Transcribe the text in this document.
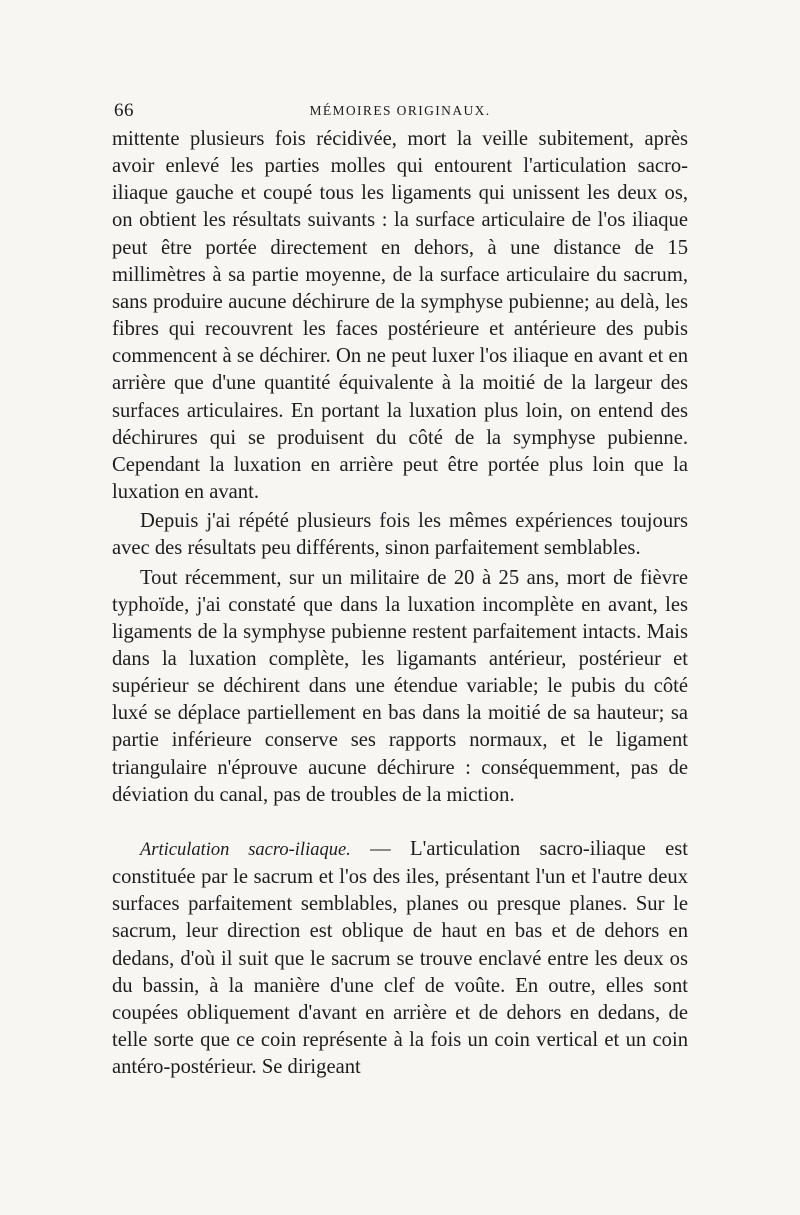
66	MÉMOIRES ORIGINAUX.

mittente plusieurs fois récidivée, mort la veille subitement, après avoir enlevé les parties molles qui entourent l'articulation sacro-iliaque gauche et coupé tous les ligaments qui unissent les deux os, on obtient les résultats suivants : la surface articulaire de l'os iliaque peut être portée directement en dehors, à une distance de 15 millimètres à sa partie moyenne, de la surface articulaire du sacrum, sans produire aucune déchirure de la symphyse pubienne; au delà, les fibres qui recouvrent les faces postérieure et antérieure des pubis commencent à se déchirer. On ne peut luxer l'os iliaque en avant et en arrière que d'une quantité équivalente à la moitié de la largeur des surfaces articulaires. En portant la luxation plus loin, on entend des déchirures qui se produisent du côté de la symphyse pubienne. Cependant la luxation en arrière peut être portée plus loin que la luxation en avant.

Depuis j'ai répété plusieurs fois les mêmes expériences toujours avec des résultats peu différents, sinon parfaitement semblables.

Tout récemment, sur un militaire de 20 à 25 ans, mort de fièvre typhoïde, j'ai constaté que dans la luxation incomplète en avant, les ligaments de la symphyse pubienne restent parfaitement intacts. Mais dans la luxation complète, les ligamants antérieur, postérieur et supérieur se déchirent dans une étendue variable; le pubis du côté luxé se déplace partiellement en bas dans la moitié de sa hauteur; sa partie inférieure conserve ses rapports normaux, et le ligament triangulaire n'éprouve aucune déchirure : conséquemment, pas de déviation du canal, pas de troubles de la miction.

Articulation sacro-iliaque. — L'articulation sacro-iliaque est constituée par le sacrum et l'os des iles, présentant l'un et l'autre deux surfaces parfaitement semblables, planes ou presque planes. Sur le sacrum, leur direction est oblique de haut en bas et de dehors en dedans, d'où il suit que le sacrum se trouve enclavé entre les deux os du bassin, à la manière d'une clef de voûte. En outre, elles sont coupées obliquement d'avant en arrière et de dehors en dedans, de telle sorte que ce coin représente à la fois un coin vertical et un coin antéro-postérieur. Se dirigeant
